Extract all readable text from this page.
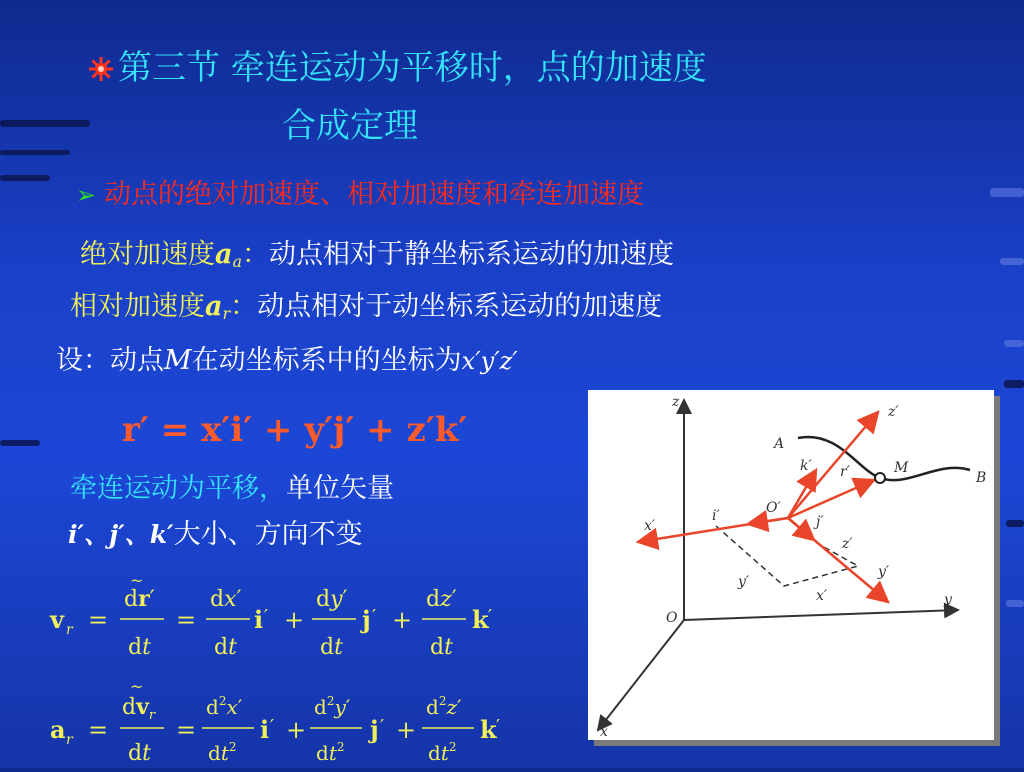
第三节 牵连运动为平移时，点的加速度
合成定理
➢ 动点的绝对加速度、相对加速度和牵连加速度
绝对加速度$a_a$：动点相对于静坐标系运动的加速度
相对加速度$a_r$：动点相对于动坐标系运动的加速度
设：动点M在动坐标系中的坐标为x′y′z′
r′ = x′i′ + y′j′ + z′k′
牵连运动为平移，单位矢量
i′、j′、k′大小、方向不变
v r =
~
dr′
dt
=
dx′
dt
i ′ +
dy′
dt
j ′ +
dz′
dt
k ′
a r =
~
$dv_r$
dt
=
$d^2x'$
$dt^2$
i ′ +
$d^2y'$
$dt^2$
j ′ +
$d^2z'$
$dt^2$
k ′
z
z′
A
k′ r′	M
B
x′
i′	O′
j′
z′
y′
y′
x′
O
y
x
